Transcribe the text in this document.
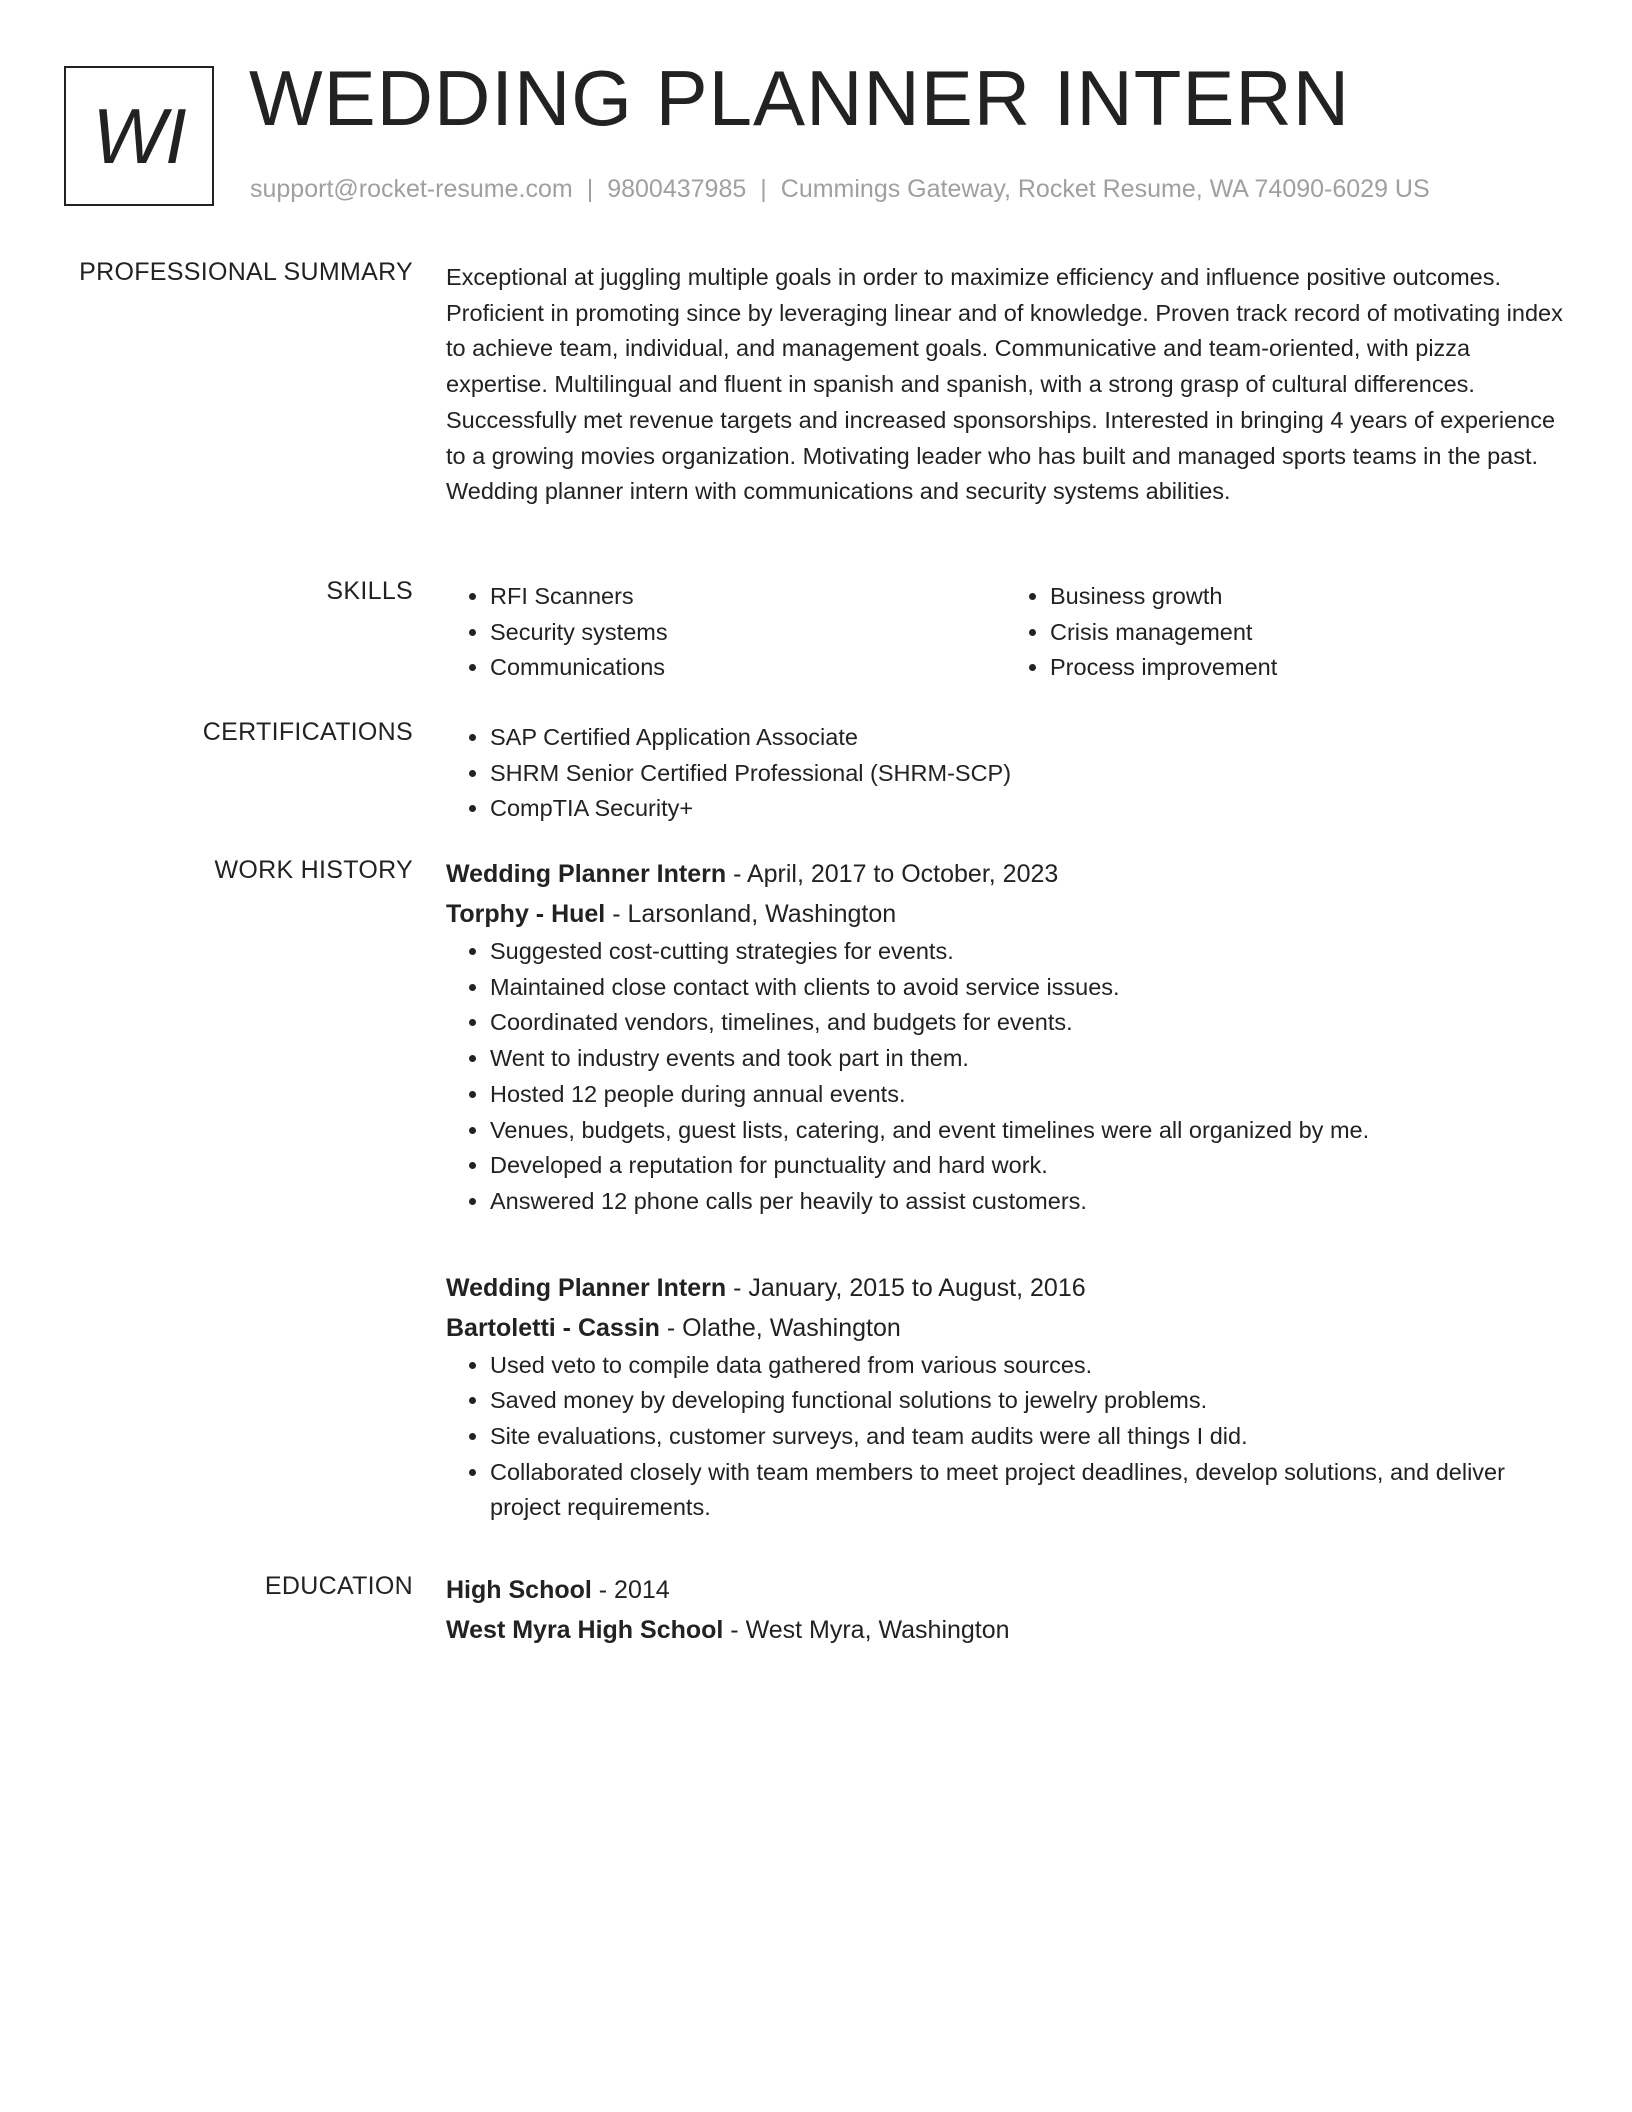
WI WEDDING PLANNER INTERN
support@rocket-resume.com | 9800437985 | Cummings Gateway, Rocket Resume, WA 74090-6029 US
PROFESSIONAL SUMMARY Exceptional at juggling multiple goals in order to maximize efficiency and influence positive outcomes. Proficient in promoting since by leveraging linear and of knowledge. Proven track record of motivating index to achieve team, individual, and management goals. Communicative and team-oriented, with pizza expertise. Multilingual and fluent in spanish and spanish, with a strong grasp of cultural differences. Successfully met revenue targets and increased sponsorships. Interested in bringing 4 years of experience to a growing movies organization. Motivating leader who has built and managed sports teams in the past. Wedding planner intern with communications and security systems abilities.

SKILLS	• RFI Scanners
• Security systems
• Communications
• Business growth
• Crisis management
• Process improvement
CERTIFICATIONS	• SAP Certified Application Associate
• SHRM Senior Certified Professional (SHRM-SCP)
• CompTIA Security+
WORK HISTORY Wedding Planner Intern - April, 2017 to October, 2023
Torphy - Huel - Larsonland, Washington
• Suggested cost-cutting strategies for events.
• Maintained close contact with clients to avoid service issues.
• Coordinated vendors, timelines, and budgets for events.
• Went to industry events and took part in them.
• Hosted 12 people during annual events.
• Venues, budgets, guest lists, catering, and event timelines were all organized by me.
• Developed a reputation for punctuality and hard work.
• Answered 12 phone calls per heavily to assist customers.
Wedding Planner Intern - January, 2015 to August, 2016
Bartoletti - Cassin - Olathe, Washington
• Used veto to compile data gathered from various sources.
• Saved money by developing functional solutions to jewelry problems.
• Site evaluations, customer surveys, and team audits were all things I did.
• Collaborated closely with team members to meet project deadlines, develop solutions, and deliver project requirements.
EDUCATION High School - 2014
West Myra High School - West Myra, Washington
